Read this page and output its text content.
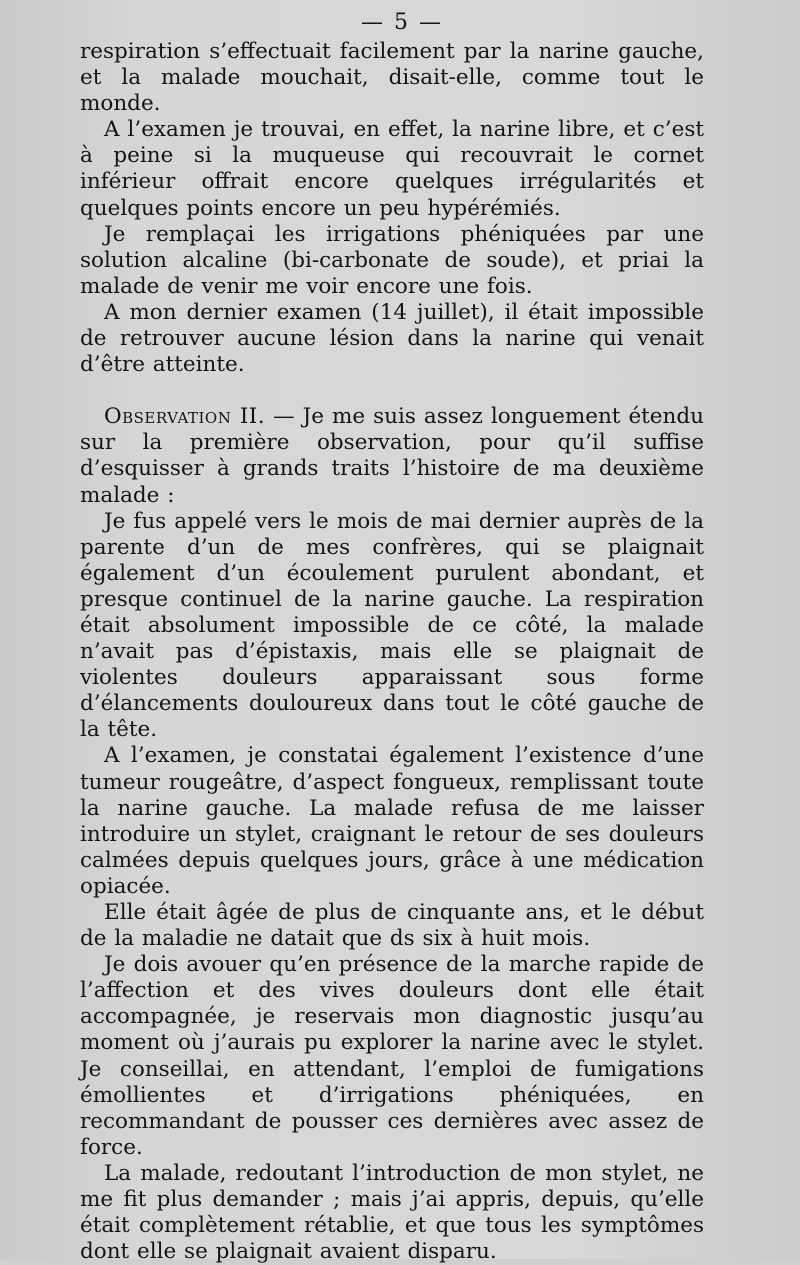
— 5 —

respiration s’effectuait facilement par la narine gauche, et la malade mouchait, disait-elle, comme tout le monde.

A l’examen je trouvai, en effet, la narine libre, et c’est à peine si la muqueuse qui recouvrait le cornet inférieur offrait encore quelques irrégularités et quelques points encore un peu hypérémiés.

Je remplaçai les irrigations phéniquées par une solution alcaline (bi-carbonate de soude), et priai la malade de venir me voir encore une fois.

A mon dernier examen (14 juillet), il était impossible de retrouver aucune lésion dans la narine qui venait d’être atteinte.

Observation II. — Je me suis assez longuement étendu sur la première observation, pour qu’il suffise d’esquisser à grands traits l’histoire de ma deuxième malade :

Je fus appelé vers le mois de mai dernier auprès de la parente d’un de mes confrères, qui se plaignait également d’un écoulement purulent abondant, et presque continuel de la narine gauche. La respiration était absolument impossible de ce côté, la malade n’avait pas d’épistaxis, mais elle se plaignait de violentes douleurs apparaissant sous forme d’élancements douloureux dans tout le côté gauche de la tête.

A l’examen, je constatai également l’existence d’une tumeur rougeâtre, d’aspect fongueux, remplissant toute la narine gauche. La malade refusa de me laisser introduire un stylet, craignant le retour de ses douleurs calmées depuis quelques jours, grâce à une médication opiacée.

Elle était âgée de plus de cinquante ans, et le début de la maladie ne datait que ds six à huit mois.

Je dois avouer qu’en présence de la marche rapide de l’affection et des vives douleurs dont elle était accompagnée, je reservais mon diagnostic jusqu’au moment où j’aurais pu explorer la narine avec le stylet. Je conseillai, en attendant, l’emploi de fumigations émollientes et d’irrigations phéniquées, en recommandant de pousser ces dernières avec assez de force.

La malade, redoutant l’introduction de mon stylet, ne me fit plus demander ; mais j’ai appris, depuis, qu’elle était complètement rétablie, et que tous les symptômes dont elle se plaignait avaient disparu.
